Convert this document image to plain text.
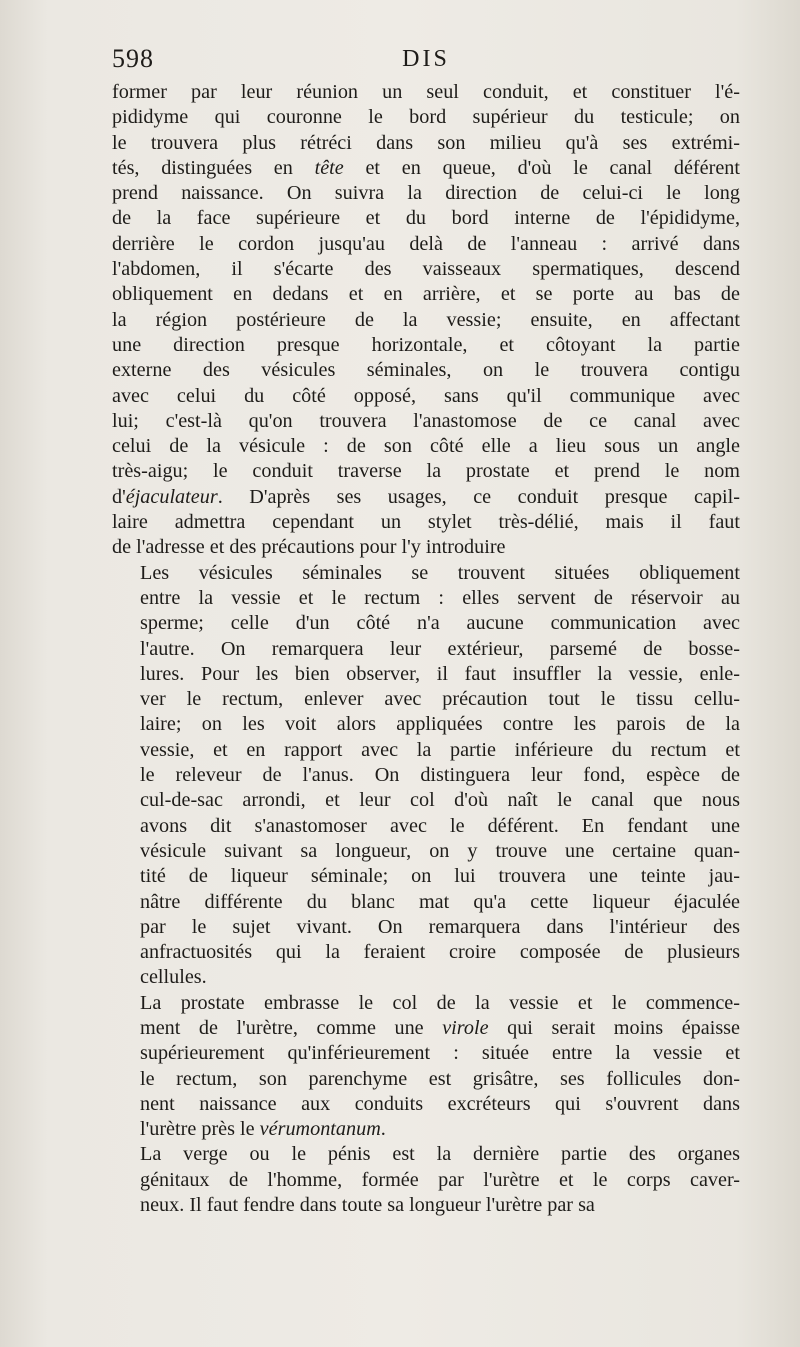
598	DIS
former par leur réunion un seul conduit, et constituer l'é-
pididyme qui couronne le bord supérieur du testicule; on
le trouvera plus rétréci dans son milieu qu'à ses extrémi-
tés, distinguées en tête et en queue, d'où le canal déférent
prend naissance. On suivra la direction de celui-ci le long
de la face supérieure et du bord interne de l'épididyme,
derrière le cordon jusqu'au delà de l'anneau : arrivé dans
l'abdomen, il s'écarte des vaisseaux spermatiques, descend
obliquement en dedans et en arrière, et se porte au bas de
la région postérieure de la vessie; ensuite, en affectant
une direction presque horizontale, et côtoyant la partie
externe des vésicules séminales, on le trouvera contigu
avec celui du côté opposé, sans qu'il communique avec
lui; c'est-là qu'on trouvera l'anastomose de ce canal avec
celui de la vésicule : de son côté elle a lieu sous un angle
très-aigu; le conduit traverse la prostate et prend le nom
d'éjaculateur. D'après ses usages, ce conduit presque capil-
laire admettra cependant un stylet très-délié, mais il faut
de l'adresse et des précautions pour l'y introduire
Les vésicules séminales se trouvent situées obliquement
entre la vessie et le rectum : elles servent de réservoir au
sperme; celle d'un côté n'a aucune communication avec
l'autre. On remarquera leur extérieur, parsemé de bosse-
lures. Pour les bien observer, il faut insuffler la vessie, enle-
ver le rectum, enlever avec précaution tout le tissu cellu-
laire; on les voit alors appliquées contre les parois de la
vessie, et en rapport avec la partie inférieure du rectum et
le releveur de l'anus. On distinguera leur fond, espèce de
cul-de-sac arrondi, et leur col d'où naît le canal que nous
avons dit s'anastomoser avec le déférent. En fendant une
vésicule suivant sa longueur, on y trouve une certaine quan-
tité de liqueur séminale; on lui trouvera une teinte jau-
nâtre différente du blanc mat qu'a cette liqueur éjaculée
par le sujet vivant. On remarquera dans l'intérieur des
anfractuosités qui la feraient croire composée de plusieurs
cellules.
La prostate embrasse le col de la vessie et le commence-
ment de l'urètre, comme une virole qui serait moins épaisse
supérieurement qu'inférieurement : située entre la vessie et
le rectum, son parenchyme est grisâtre, ses follicules don-
nent naissance aux conduits excréteurs qui s'ouvrent dans
l'urètre près le vérumontanum.
La verge ou le pénis est la dernière partie des organes
génitaux de l'homme, formée par l'urètre et le corps caver-
neux. Il faut fendre dans toute sa longueur l'urètre par sa
